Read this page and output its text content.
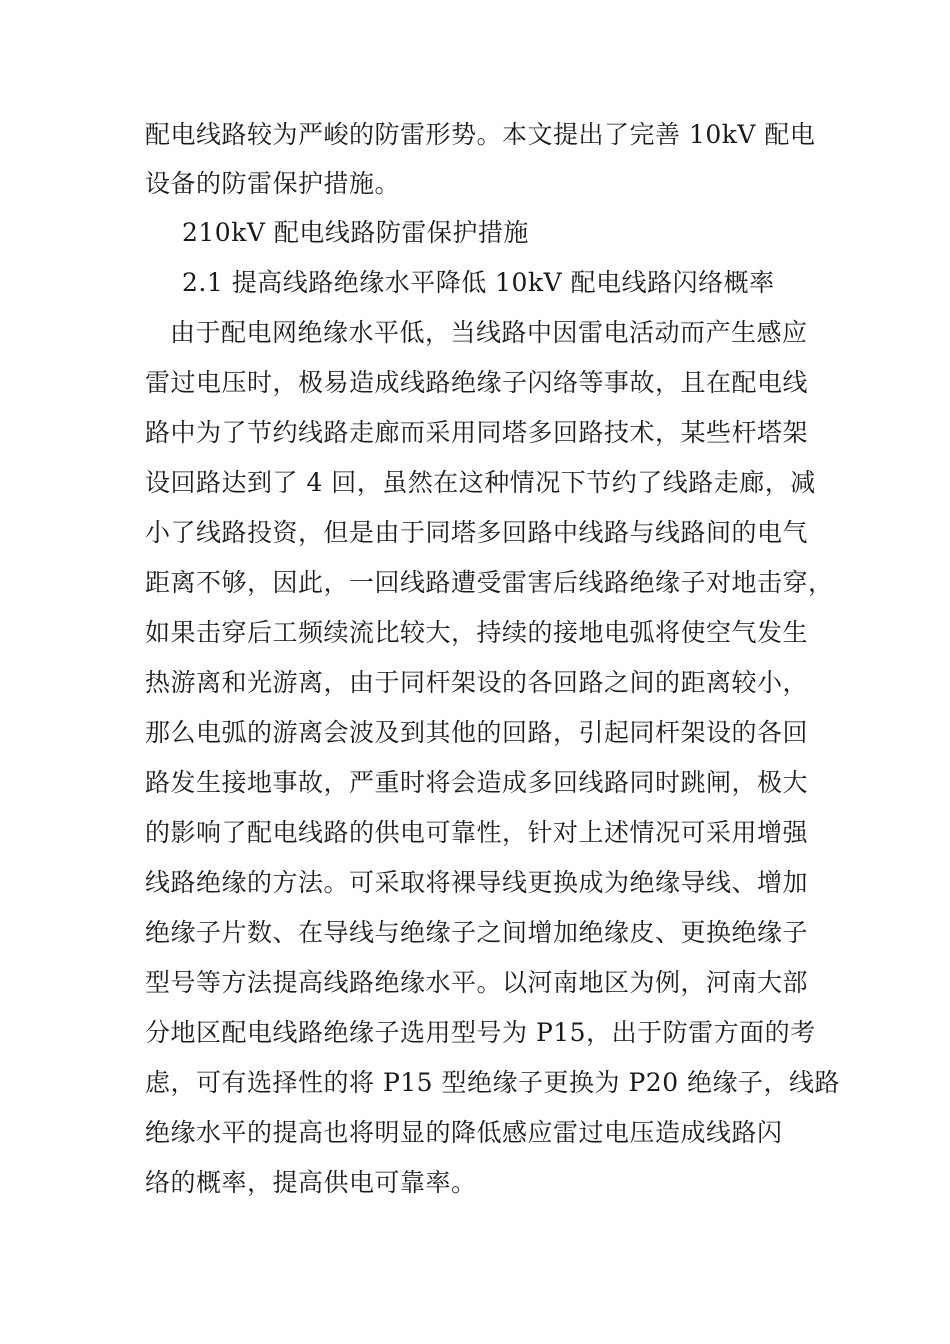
配电线路较为严峻的防雷形势。本文提出了完善 10kV 配电
设备的防雷保护措施。
210kV 配电线路防雷保护措施
2.1 提高线路绝缘水平降低 10kV 配电线路闪络概率
由于配电网绝缘水平低，当线路中因雷电活动而产生感应
雷过电压时，极易造成线路绝缘子闪络等事故，且在配电线
路中为了节约线路走廊而采用同塔多回路技术，某些杆塔架
设回路达到了 4 回，虽然在这种情况下节约了线路走廊，减
小了线路投资，但是由于同塔多回路中线路与线路间的电气
距离不够，因此，一回线路遭受雷害后线路绝缘子对地击穿，
如果击穿后工频续流比较大，持续的接地电弧将使空气发生
热游离和光游离，由于同杆架设的各回路之间的距离较小，
那么电弧的游离会波及到其他的回路，引起同杆架设的各回
路发生接地事故，严重时将会造成多回线路同时跳闸，极大
的影响了配电线路的供电可靠性，针对上述情况可采用增强
线路绝缘的方法。可采取将裸导线更换成为绝缘导线、增加
绝缘子片数、在导线与绝缘子之间增加绝缘皮、更换绝缘子
型号等方法提高线路绝缘水平。以河南地区为例，河南大部
分地区配电线路绝缘子选用型号为 P15，出于防雷方面的考
虑，可有选择性的将 P15 型绝缘子更换为 P20 绝缘子，线路
绝缘水平的提高也将明显的降低感应雷过电压造成线路闪
络的概率，提高供电可靠率。
